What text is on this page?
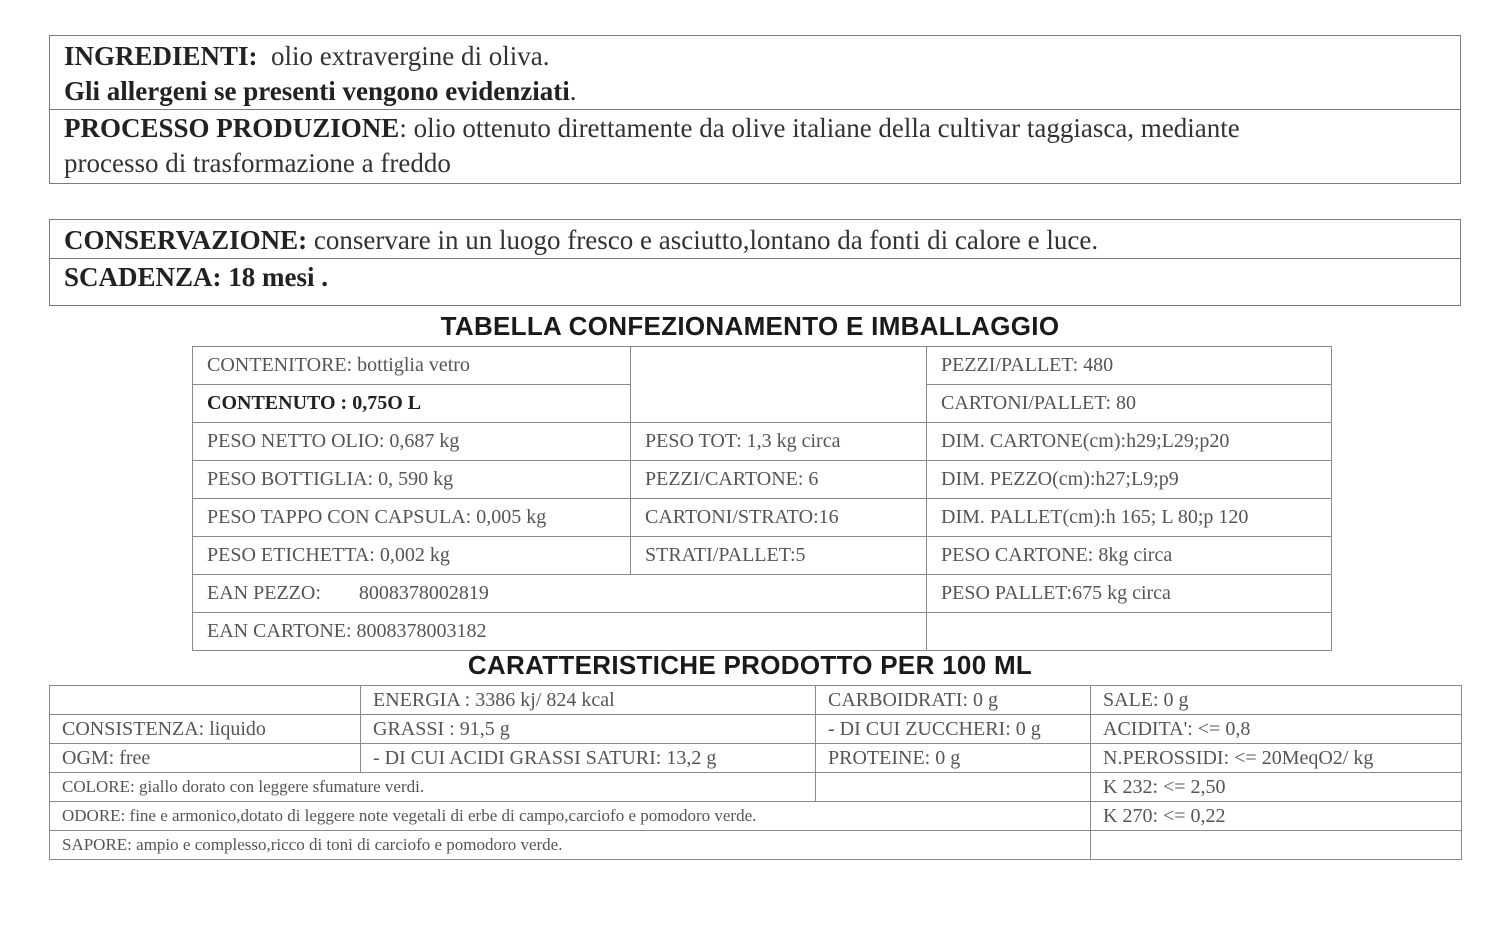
INGREDIENTI: olio extravergine di oliva.
Gli allergeni se presenti vengono evidenziati.
PROCESSO PRODUZIONE: olio ottenuto direttamente da olive italiane della cultivar taggiasca, mediante
processo di trasformazione a freddo
CONSERVAZIONE: conservare in un luogo fresco e asciutto,lontano da fonti di calore e luce.
SCADENZA: 18 mesi .
TABELLA CONFEZIONAMENTO E IMBALLAGGIO
CONTENITORE: bottiglia vetro		PEZZI/PALLET: 480
CONTENUTO : 0,75O L		CARTONI/PALLET: 80
PESO NETTO OLIO: 0,687 kg	PESO TOT: 1,3 kg circa	DIM. CARTONE(cm):h29;L29;p20
PESO BOTTIGLIA: 0, 590 kg	PEZZI/CARTONE: 6	DIM. PEZZO(cm):h27;L9;p9
PESO TAPPO CON CAPSULA: 0,005 kg	CARTONI/STRATO:16	DIM. PALLET(cm):h 165; L 80;p 120
PESO ETICHETTA: 0,002 kg	STRATI/PALLET:5	PESO CARTONE: 8kg circa
EAN PEZZO: 8008378002819		PESO PALLET:675 kg circa
EAN CARTONE: 8008378003182		
CARATTERISTICHE PRODOTTO PER 100 ML
	ENERGIA : 3386 kj/ 824 kcal	CARBOIDRATI: 0 g	SALE: 0 g
CONSISTENZA: liquido	GRASSI : 91,5 g	- DI CUI ZUCCHERI: 0 g	ACIDITA': <= 0,8
OGM: free	- DI CUI ACIDI GRASSI SATURI: 13,2 g	PROTEINE: 0 g	N.PEROSSIDI: <= 20MeqO2/ kg
COLORE: giallo dorato con leggere sfumature verdi.			K 232: <= 2,50
ODORE: fine e armonico,dotato di leggere note vegetali di erbe di campo,carciofo e pomodoro verde.			K 270: <= 0,22
SAPORE: ampio e complesso,ricco di toni di carciofo e pomodoro verde.			
